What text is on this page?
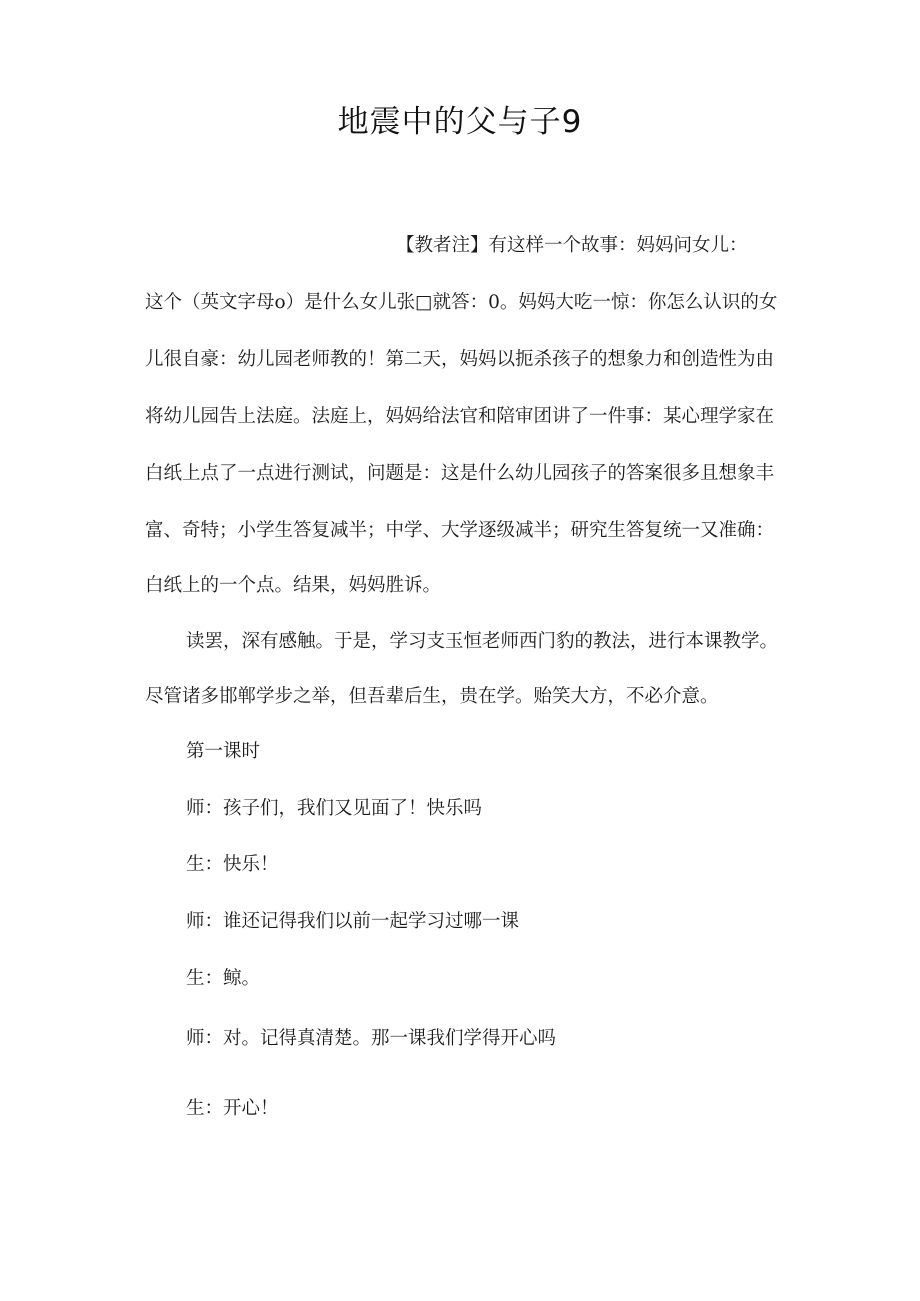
地震中的父与子9
【教者注】有这样一个故事：妈妈问女儿：
这个（英文字母o）是什么女儿张□就答：0。妈妈大吃一惊：你怎么认识的女
儿很自豪：幼儿园老师教的！第二天，妈妈以扼杀孩子的想象力和创造性为由
将幼儿园告上法庭。法庭上，妈妈给法官和陪审团讲了一件事：某心理学家在
白纸上点了一点进行测试，问题是：这是什么幼儿园孩子的答案很多且想象丰
富、奇特；小学生答复减半；中学、大学逐级减半；研究生答复统一又准确：
白纸上的一个点。结果，妈妈胜诉。
读罢，深有感触。于是，学习支玉恒老师西门豹的教法，进行本课教学。
尽管诸多邯郸学步之举，但吾辈后生，贵在学。贻笑大方，不必介意。
第一课时
师：孩子们，我们又见面了！快乐吗
生：快乐！
师：谁还记得我们以前一起学习过哪一课
生：鲸。
师：对。记得真清楚。那一课我们学得开心吗
生：开心！
